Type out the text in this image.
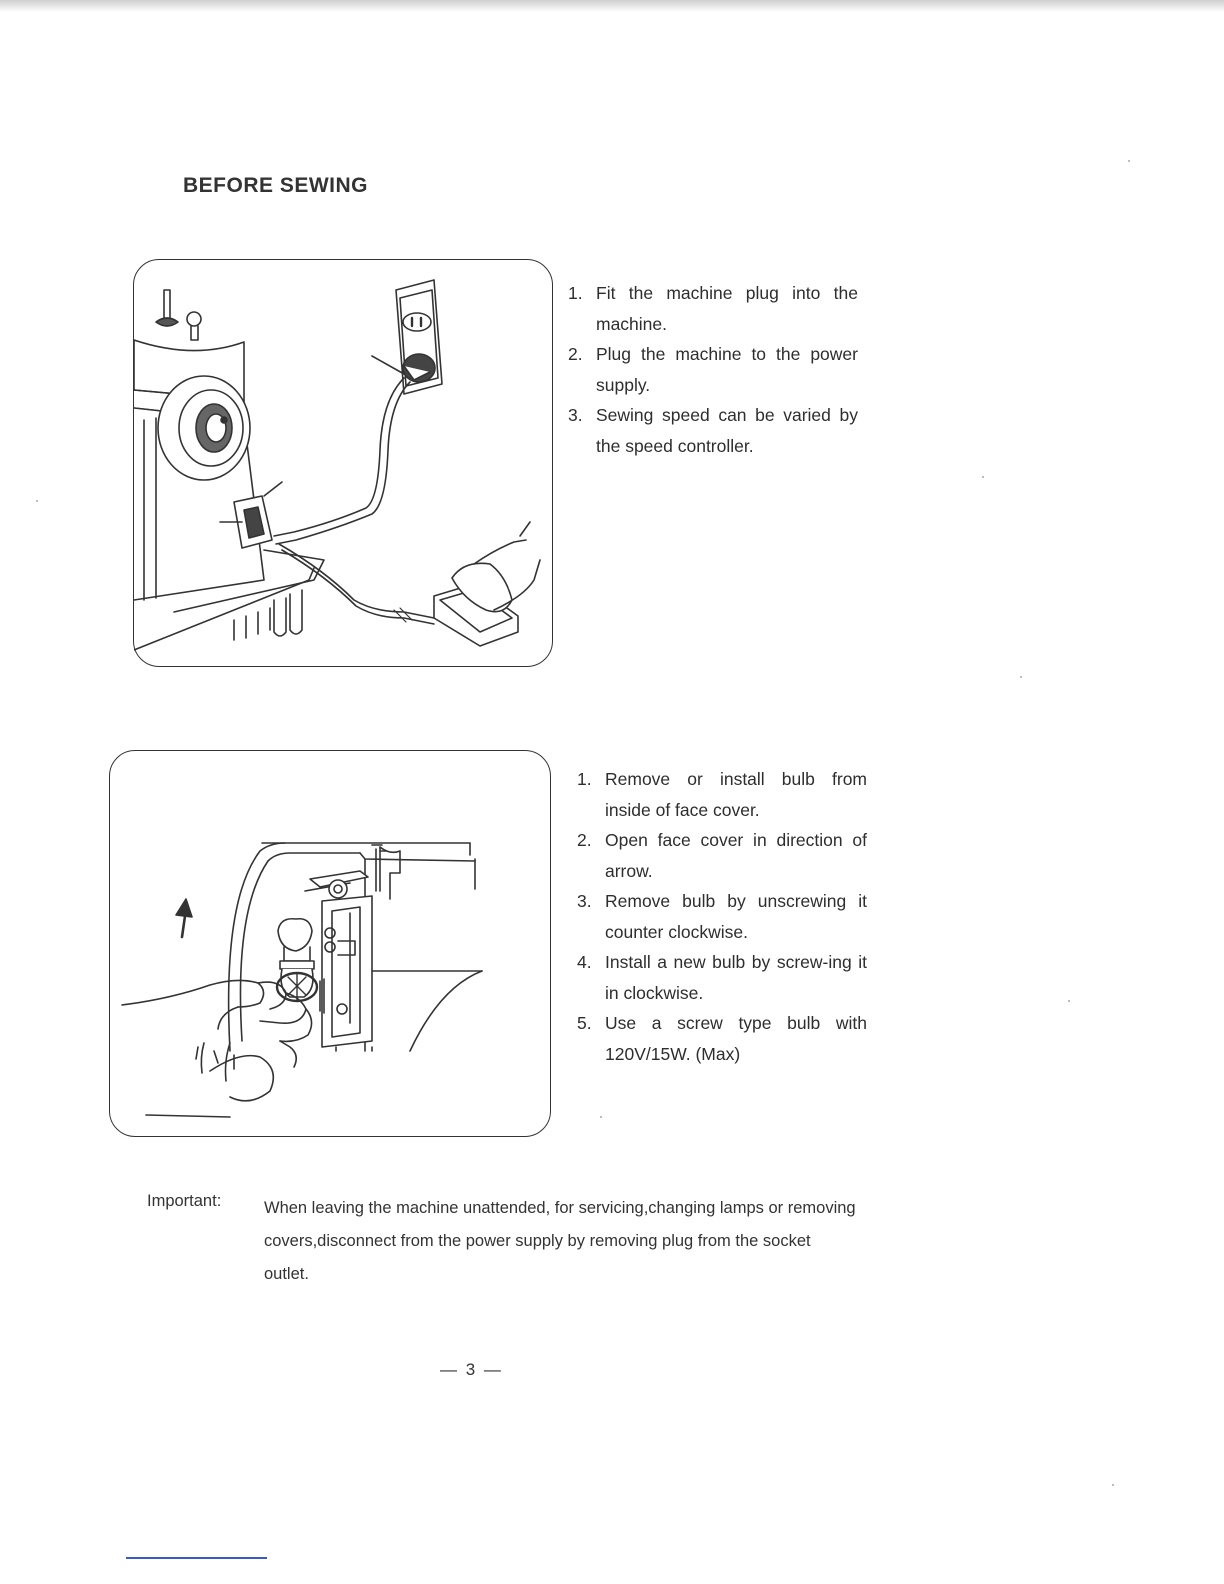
BEFORE SEWING
1. Fit the machine plug into the machine.
2. Plug the machine to the power supply.
3. Sewing speed can be varied by the speed controller.
1. Remove or install bulb from inside of face cover.
2. Open face cover in direction of arrow.
3. Remove bulb by unscrewing it counter clockwise.
4. Install a new bulb by screw-ing it in clockwise.
5. Use a screw type bulb with 120V/15W. (Max)
Important:	When leaving the machine unattended, for servicing,changing lamps or removing covers,disconnect from the power supply by removing plug from the socket outlet.
— 3 —
